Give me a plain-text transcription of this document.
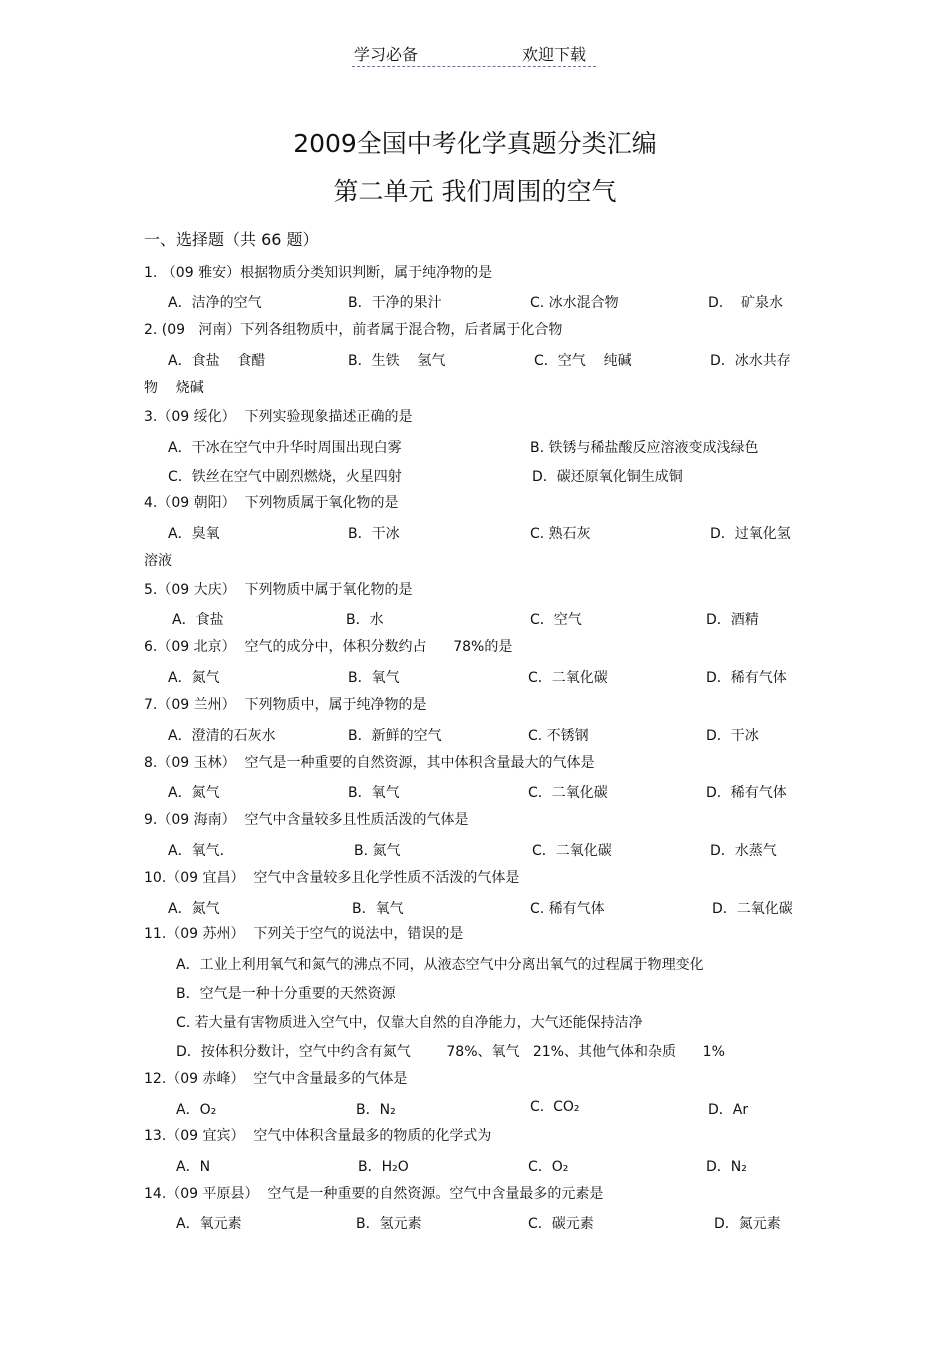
学习必备	欢迎下载
2009全国中考化学真题分类汇编
第二单元 我们周围的空气
一、选择题（共 66 题）
1. （09 雅安）根据物质分类知识判断，属于纯净物的是
A．洁净的空气	B．干净的果汁	C. 冰水混合物	D.    矿泉水
2. (09   河南）下列各组物质中，前者属于混合物，后者属于化合物
A．食盐    食醋	B．生铁    氢气	C．空气    纯碱	D．冰水共存
物    烧碱
3.（09 绥化）  下列实验现象描述正确的是
A．干冰在空气中升华时周围出现白雾	B. 铁锈与稀盐酸反应溶液变成浅绿色
C．铁丝在空气中剧烈燃烧，火星四射	D．碳还原氧化铜生成铜
4.（09 朝阳）  下列物质属于氧化物的是
A．臭氧	B．干冰	C. 熟石灰	D．过氧化氢
溶液
5.（09 大庆）  下列物质中属于氧化物的是
A．食盐	B．水	C．空气	D．酒精
6.（09 北京）  空气的成分中，体积分数约占      78%的是
A．氮气	B．氧气	C．二氧化碳	D．稀有气体
7.（09 兰州）  下列物质中，属于纯净物的是
A．澄清的石灰水	B．新鲜的空气	C. 不锈钢	D．干冰
8.（09 玉林）  空气是一种重要的自然资源，其中体积含量最大的气体是
A．氮气	B．氧气	C．二氧化碳	D．稀有气体
9.（09 海南）  空气中含量较多且性质活泼的气体是
A．氧气．	B. 氮气	C．二氧化碳	D．水蒸气
10.（09 宜昌）  空气中含量较多且化学性质不活泼的气体是
A．氮气	B．氧气	C. 稀有气体	D．二氧化碳
11.（09 苏州）  下列关于空气的说法中，错误的是
A．工业上利用氧气和氮气的沸点不同，从液态空气中分离出氧气的过程属于物理变化
B．空气是一种十分重要的天然资源
C. 若大量有害物质进入空气中，仅靠大自然的自净能力，大气还能保持洁净
D．按体积分数计，空气中约含有氮气        78%、氧气   21%、其他气体和杂质      1%
12.（09 赤峰）  空气中含量最多的气体是
A．O₂	B．N₂	C.  CO₂	D．Ar
13.（09 宜宾）  空气中体积含量最多的物质的化学式为
A．N	B．H₂O	C．O₂	D．N₂
14.（09 平原县）  空气是一种重要的自然资源。空气中含量最多的元素是
A．氧元素	B．氢元素	C．碳元素	D．氮元素
